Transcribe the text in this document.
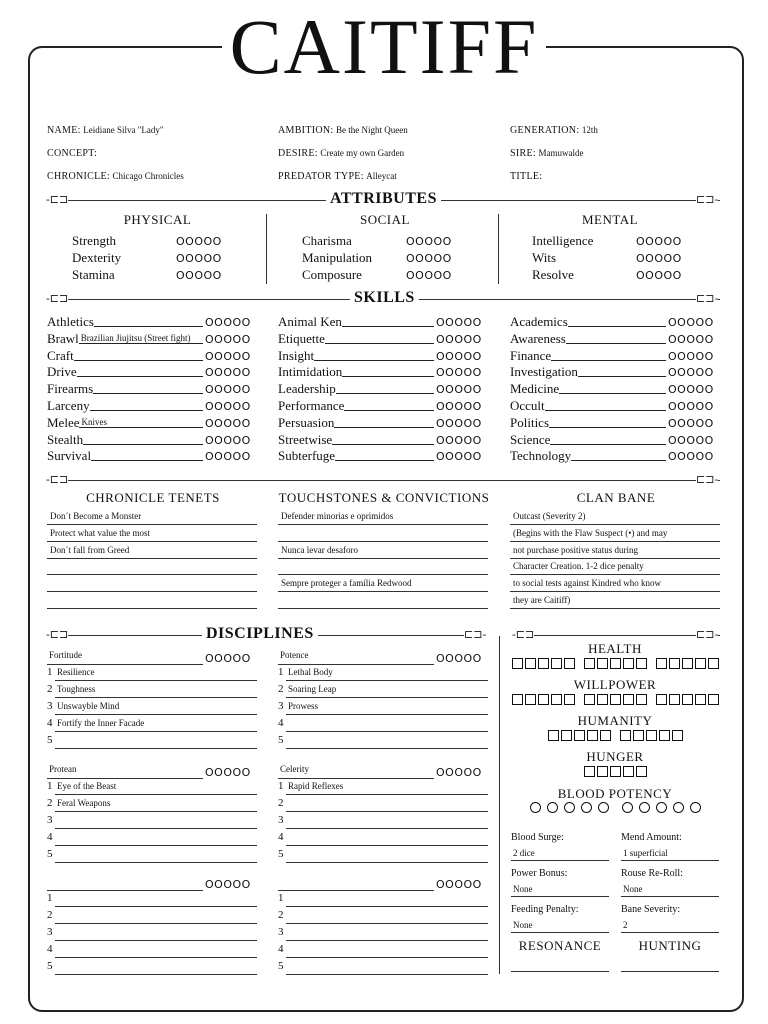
CAITIFF
NAME: Leidiane Silva "Lady"
CONCEPT:
CHRONICLE: Chicago Chronicles
AMBITION: Be the Night Queen
DESIRE: Create my own Garden
PREDATOR TYPE: Alleycat
GENERATION: 12th
SIRE: Mamuwalde
TITLE:
ATTRIBUTES
-⊏⊐	⊏⊐-
PHYSICAL	SOCIAL	MENTAL
Strength	OOOOO
Dexterity	OOOOO
Stamina	OOOOO
Charisma	OOOOO
Manipulation	OOOOO
Composure	OOOOO
Intelligence	OOOOO
Wits	OOOOO
Resolve	OOOOO
SKILLS
-⊏⊐	⊏⊐-
Athletics	OOOOO
Brawl Brazilian Jiujitsu (Street fight) OOOOO
Craft	OOOOO
Drive	OOOOO
Firearms	OOOOO
Larceny	OOOOO
Melee Knives	OOOOO
Stealth	OOOOO
Survival	OOOOO
Animal Ken	OOOOO
Etiquette	OOOOO
Insight	OOOOO
Intimidation	OOOOO
Leadership	OOOOO
Performance	OOOOO
Persuasion	OOOOO
Streetwise	OOOOO
Subterfuge	OOOOO
Academics	OOOOO
Awareness	OOOOO
Finance	OOOOO
Investigation	OOOOO
Medicine	OOOOO
Occult	OOOOO
Politics	OOOOO
Science	OOOOO
Technology	OOOOO
-⊏⊐	⊏⊐-
CHRONICLE TENETS	TOUCHSTONES & CONVICTIONS	CLAN BANE
Don´t Become a Monster
Protect what value the most
Don´t fall from Greed
Defender minorias e oprimidos
Nunca levar desaforo
Sempre proteger a família Redwood
Outcast (Severity 2)
(Begins with the Flaw Suspect (•) and may
not purchase positive status during
Character Creation. 1-2 dice penalty
to social tests against Kindred who know
they are Caitiff)
DISCIPLINES
-⊏⊐	⊏⊐-
Fortitude	OOOOO
1 Resilience
2 Toughness
3 Unswayble Mind
4 Fortify the Inner Facade
5
Potence	OOOOO
1 Lethal Body
2 Soaring Leap
3 Prowess
4
5
Protean	OOOOO
1 Eye of the Beast
2 Feral Weapons
3
4
5
Celerity	OOOOO
1 Rapid Reflexes
2
3
4
5
OOOOO
1
2
3
4
5
OOOOO
1
2
3
4
5
-⊏⊐	⊏⊐-
HEALTH
WILLPOWER
HUMANITY
HUNGER
BLOOD POTENCY
Blood Surge:
2 dice
Mend Amount:
1 superficial
Power Bonus:
None
Rouse Re-Roll:
None
Feeding Penalty:
None
Bane Severity:
2
RESONANCE	HUNTING
